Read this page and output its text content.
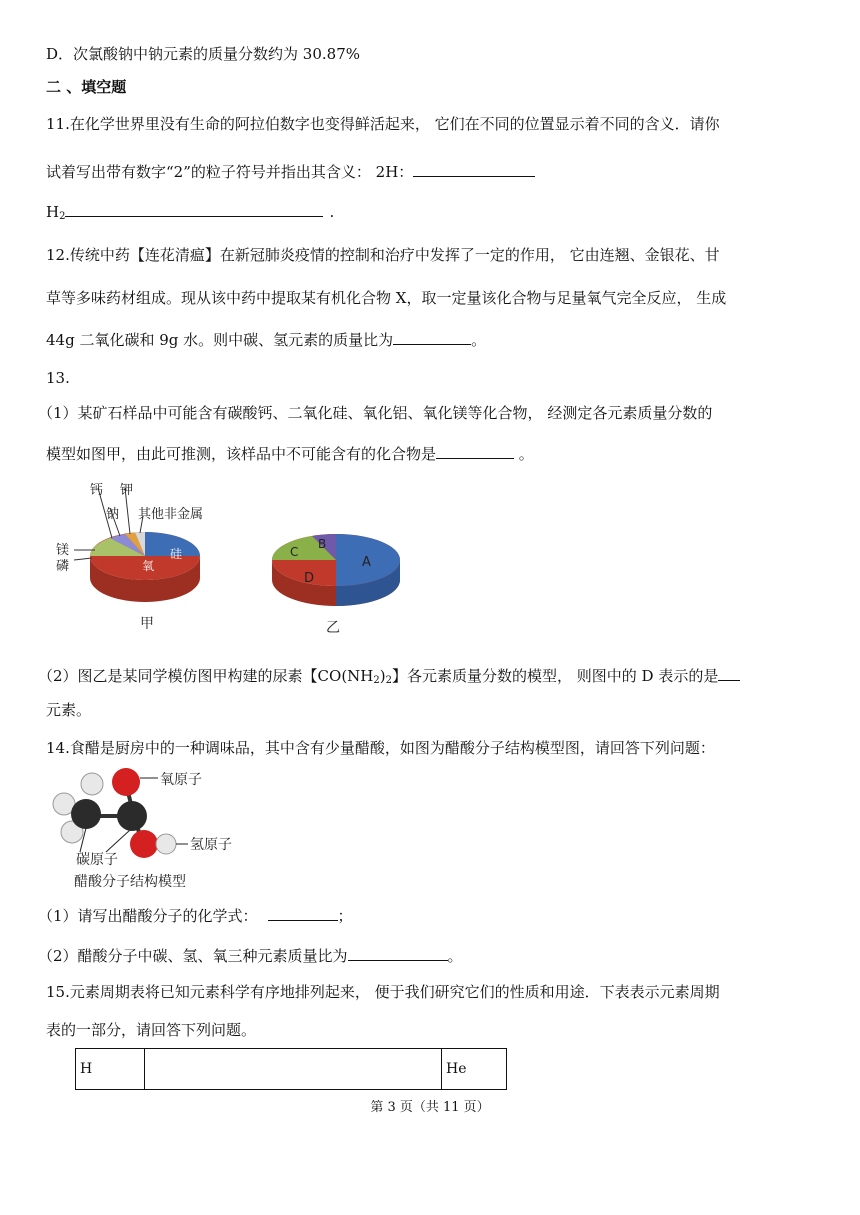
D．次氯酸钠中钠元素的质量分数约为 30.87%
二 、填空题
11.在化学世界里没有生命的阿拉伯数字也变得鲜活起来， 它们在不同的位置显示着不同的含义．请你
试着写出带有数字“2”的粒子符号并指出其含义： 2H：
$H_2$	.
12.传统中药【连花清瘟】在新冠肺炎疫情的控制和治疗中发挥了一定的作用， 它由连翘、金银花、甘
草等多味药材组成。现从该中药中提取某有机化合物 X，取一定量该化合物与足量氧气完全反应， 生成
44g 二氧化碳和 9g 水。则中碳、氢元素的质量比为	。
13.
（1）某矿石样品中可能含有碳酸钙、二氧化硅、氧化铝、氧化镁等化合物， 经测定各元素质量分数的
模型如图甲，由此可推测，该样品中不可能含有的化合物是	。
钙 钾
钠 其他非金属
镁
磷
硅
氧
甲
A
B
C
D
乙
（2）图乙是某同学模仿图甲构建的尿素【$CO(NH_2)_2$】各元素质量分数的模型， 则图中的 D 表示的是
元素。
14.食醋是厨房中的一种调味品，其中含有少量醋酸，如图为醋酸分子结构模型图，请回答下列问题：
氧原子
氢原子
碳原子
醋酸分子结构模型
（1）请写出醋酸分子的化学式：	；
（2）醋酸分子中碳、氢、氧三种元素质量比为	。
15.元素周期表将已知元素科学有序地排列起来， 便于我们研究它们的性质和用途．下表表示元素周期
表的一部分，请回答下列问题。
H		He
第 3 页（共 11 页）
